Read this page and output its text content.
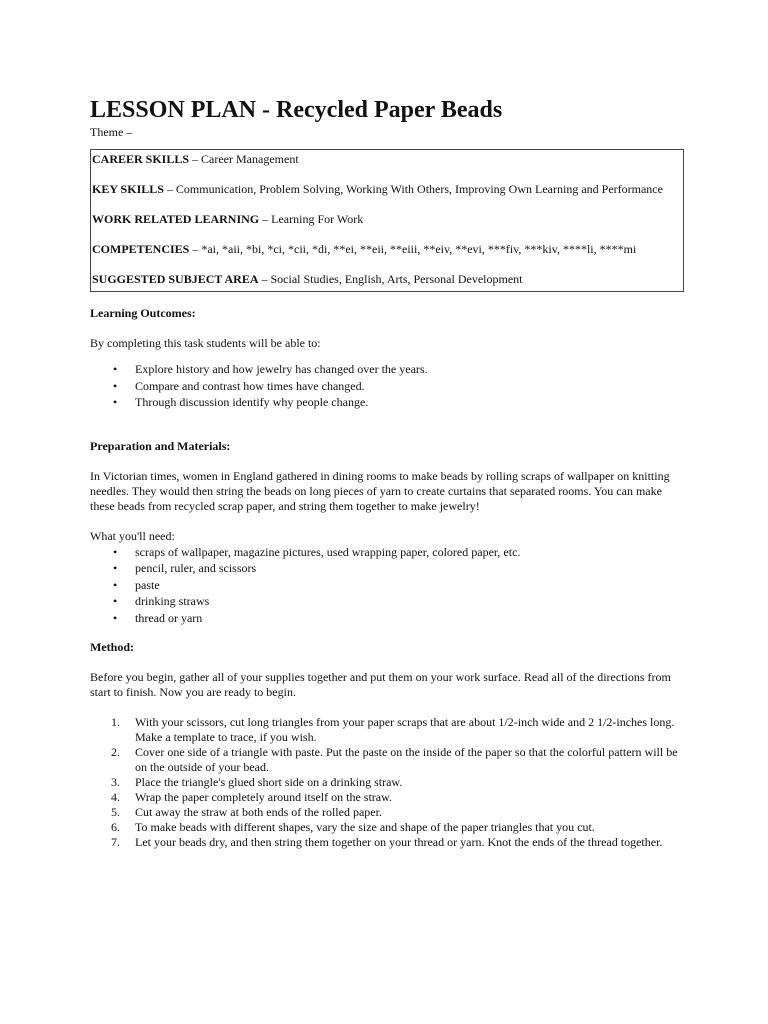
LESSON PLAN - Recycled Paper Beads
Theme –

CAREER SKILLS – Career Management

KEY SKILLS – Communication, Problem Solving, Working With Others, Improving Own Learning and Performance

WORK RELATED LEARNING – Learning For Work

COMPETENCIES – *ai, *aii, *bi, *ci, *cii, *di, **ei, **eii, **eiii, **eiv, **evi, ***fiv, ***kiv, ****li, ****mi

SUGGESTED SUBJECT AREA – Social Studies, English, Arts, Personal Development

Learning Outcomes:

By completing this task students will be able to:

• Explore history and how jewelry has changed over the years.
• Compare and contrast how times have changed.
• Through discussion identify why people change.

Preparation and Materials:

In Victorian times, women in England gathered in dining rooms to make beads by rolling scraps of wallpaper on knitting needles. They would then string the beads on long pieces of yarn to create curtains that separated rooms. You can make these beads from recycled scrap paper, and string them together to make jewelry!

What you'll need:

• scraps of wallpaper, magazine pictures, used wrapping paper, colored paper, etc.
• pencil, ruler, and scissors
• paste
• drinking straws
• thread or yarn

Method:

Before you begin, gather all of your supplies together and put them on your work surface. Read all of the directions from start to finish. Now you are ready to begin.

1. With your scissors, cut long triangles from your paper scraps that are about 1/2-inch wide and 2 1/2-inches long. Make a template to trace, if you wish.
2. Cover one side of a triangle with paste. Put the paste on the inside of the paper so that the colorful pattern will be on the outside of your bead.
3. Place the triangle's glued short side on a drinking straw.
4. Wrap the paper completely around itself on the straw.
5. Cut away the straw at both ends of the rolled paper.
6. To make beads with different shapes, vary the size and shape of the paper triangles that you cut.
7. Let your beads dry, and then string them together on your thread or yarn. Knot the ends of the thread together.
